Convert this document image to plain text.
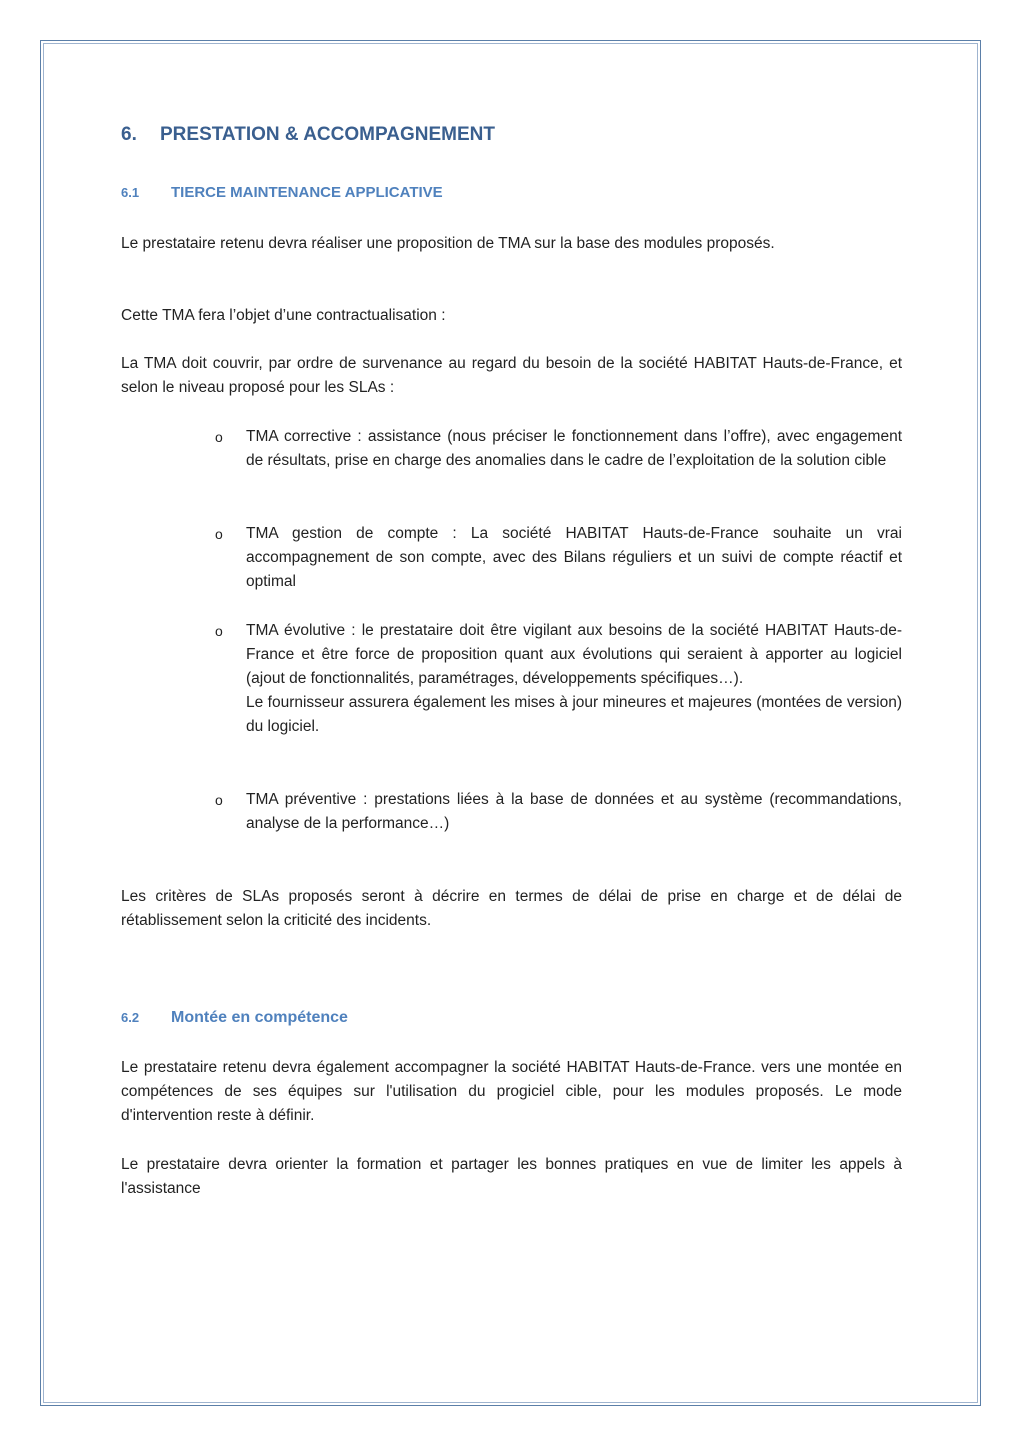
6. PRESTATION & ACCOMPAGNEMENT
6.1 TIERCE MAINTENANCE APPLICATIVE

Le prestataire retenu devra réaliser une proposition de TMA sur la base des modules proposés.

Cette TMA fera l’objet d’une contractualisation :

La TMA doit couvrir, par ordre de survenance au regard du besoin de la société HABITAT Hauts-de-France, et selon le niveau proposé pour les SLAs :

o TMA corrective : assistance (nous préciser le fonctionnement dans l’offre), avec engagement de résultats, prise en charge des anomalies dans le cadre de l’exploitation de la solution cible

o TMA gestion de compte : La société HABITAT Hauts-de-France souhaite un vrai accompagnement de son compte, avec des Bilans réguliers et un suivi de compte réactif et optimal

o TMA évolutive : le prestataire doit être vigilant aux besoins de la société HABITAT Hauts-de-France et être force de proposition quant aux évolutions qui seraient à apporter au logiciel (ajout de fonctionnalités, paramétrages, développements spécifiques…).
Le fournisseur assurera également les mises à jour mineures et majeures (montées de version) du logiciel.

o TMA préventive : prestations liées à la base de données et au système (recommandations, analyse de la performance…)

Les critères de SLAs proposés seront à décrire en termes de délai de prise en charge et de délai de rétablissement selon la criticité des incidents.

6.2 Montée en compétence

Le prestataire retenu devra également accompagner la société HABITAT Hauts-de-France. vers une montée en compétences de ses équipes sur l'utilisation du progiciel cible, pour les modules proposés. Le mode d'intervention reste à définir.

Le prestataire devra orienter la formation et partager les bonnes pratiques en vue de limiter les appels à l'assistance
